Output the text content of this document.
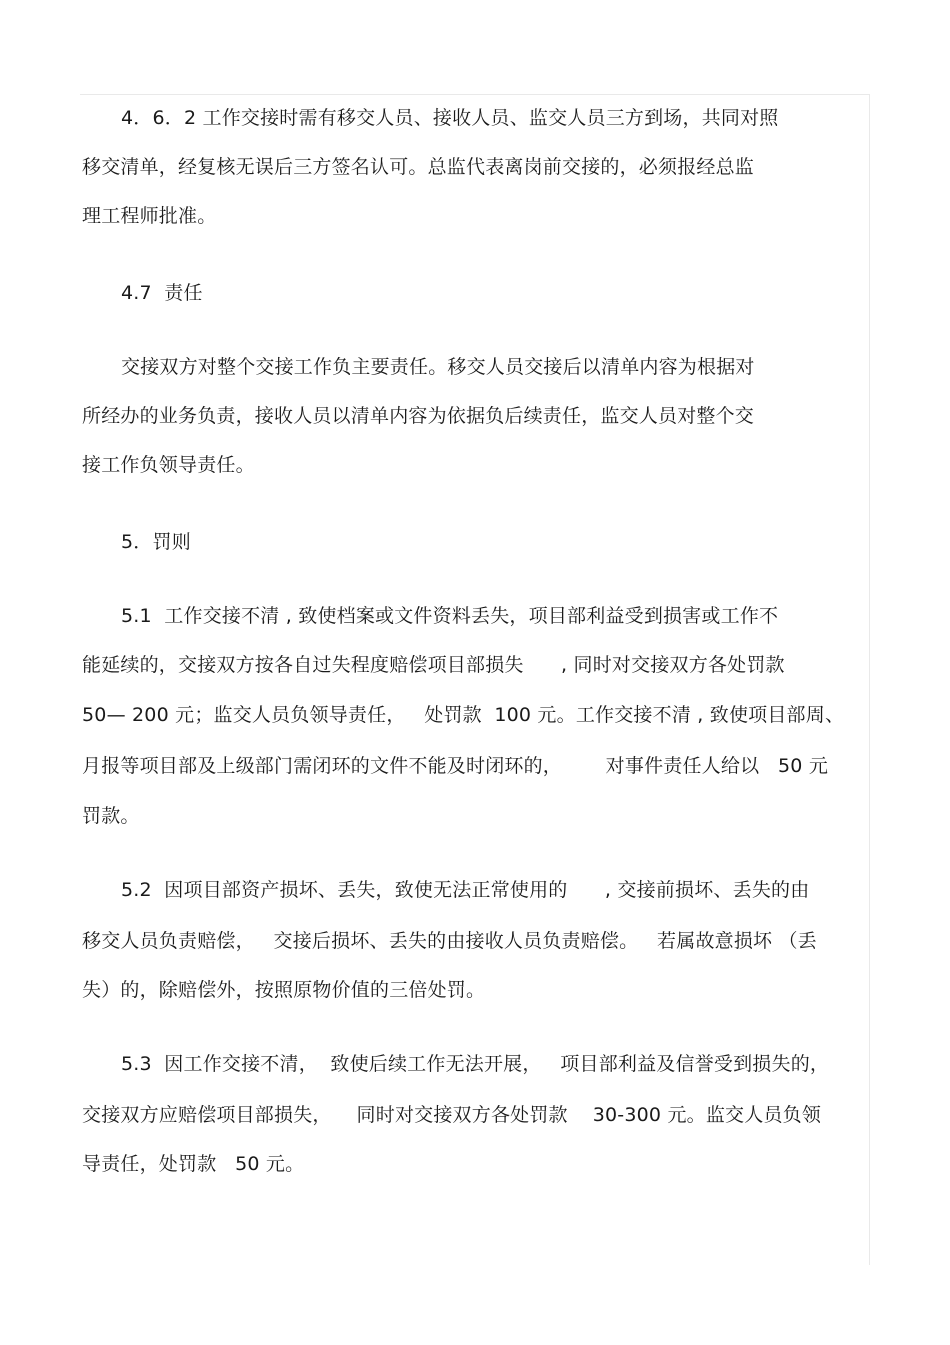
4．6．2 工作交接时需有移交人员、接收人员、监交人员三方到场，共同对照
移交清单，经复核无误后三方签名认可。总监代表离岗前交接的，必须报经总监
理工程师批准。
4.7  责任
交接双方对整个交接工作负主要责任。移交人员交接后以清单内容为根据对
所经办的业务负责，接收人员以清单内容为依据负后续责任，监交人员对整个交
接工作负领导责任。
5．罚则
5.1  工作交接不清 , 致使档案或文件资料丢失，项目部利益受到损害或工作不
能延续的，交接双方按各自过失程度赔偿项目部损失      , 同时对交接双方各处罚款
50— 200 元；监交人员负领导责任，   处罚款  100 元。工作交接不清 , 致使项目部周、
月报等项目部及上级部门需闭环的文件不能及时闭环的，       对事件责任人给以   50 元
罚款。
5.2  因项目部资产损坏、丢失，致使无法正常使用的      , 交接前损坏、丢失的由
移交人员负责赔偿，   交接后损坏、丢失的由接收人员负责赔偿。   若属故意损坏 （丢
失）的，除赔偿外，按照原物价值的三倍处罚。
5.3  因工作交接不清，  致使后续工作无法开展，   项目部利益及信誉受到损失的，
交接双方应赔偿项目部损失，    同时对交接双方各处罚款    30-300 元。监交人员负领
导责任，处罚款   50 元。
